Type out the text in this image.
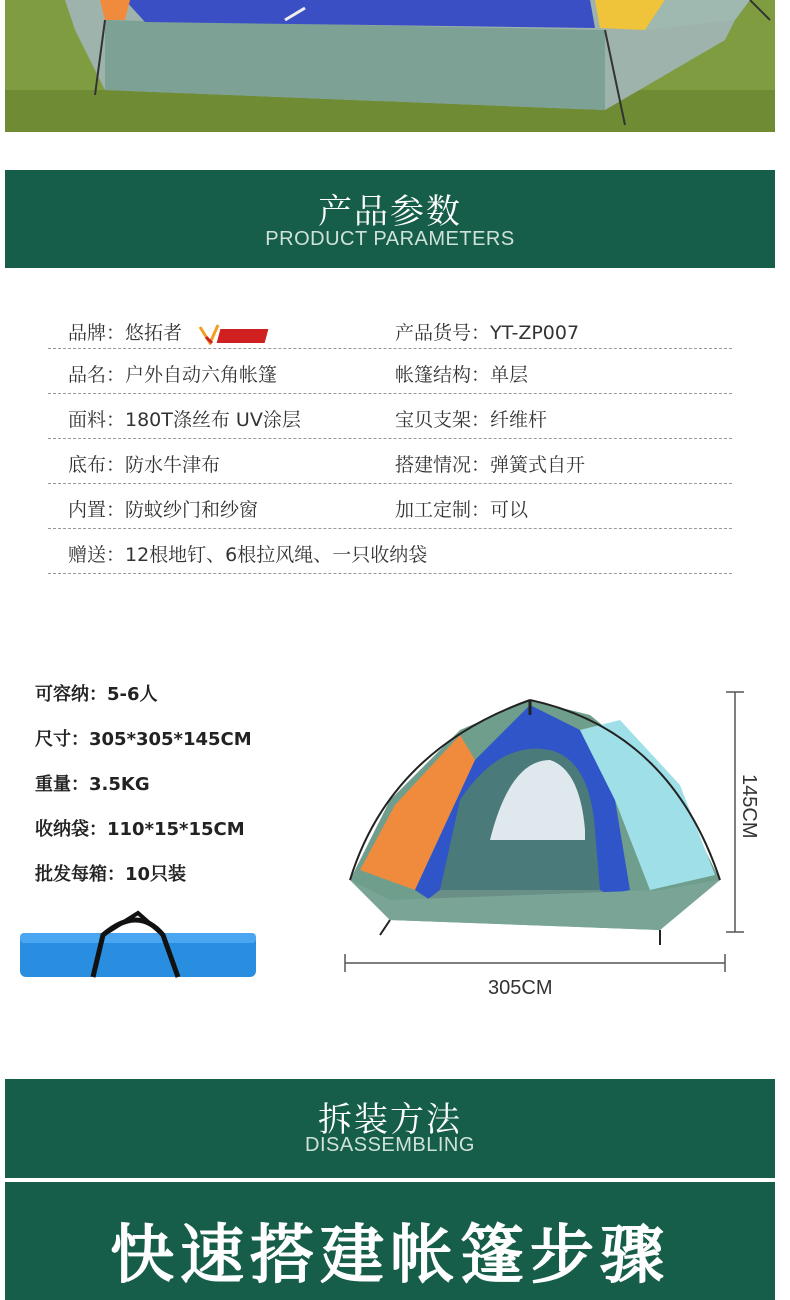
产品参数
PRODUCT PARAMETERS
品牌：悠拓者	产品货号：YT-ZP007
品名：户外自动六角帐篷	帐篷结构：单层
面料：180T涤丝布 UV涂层	宝贝支架：纤维杆
底布：防水牛津布	搭建情况：弹簧式自开
内置：防蚊纱门和纱窗	加工定制：可以
赠送：12根地钉、6根拉风绳、一只收纳袋
可容纳：5-6人
尺寸：305*305*145CM
重量：3.5KG
收纳袋：110*15*15CM
批发每箱：10只装
145CM
305CM
拆装方法
DISASSEMBLING
快速搭建帐篷步骤
